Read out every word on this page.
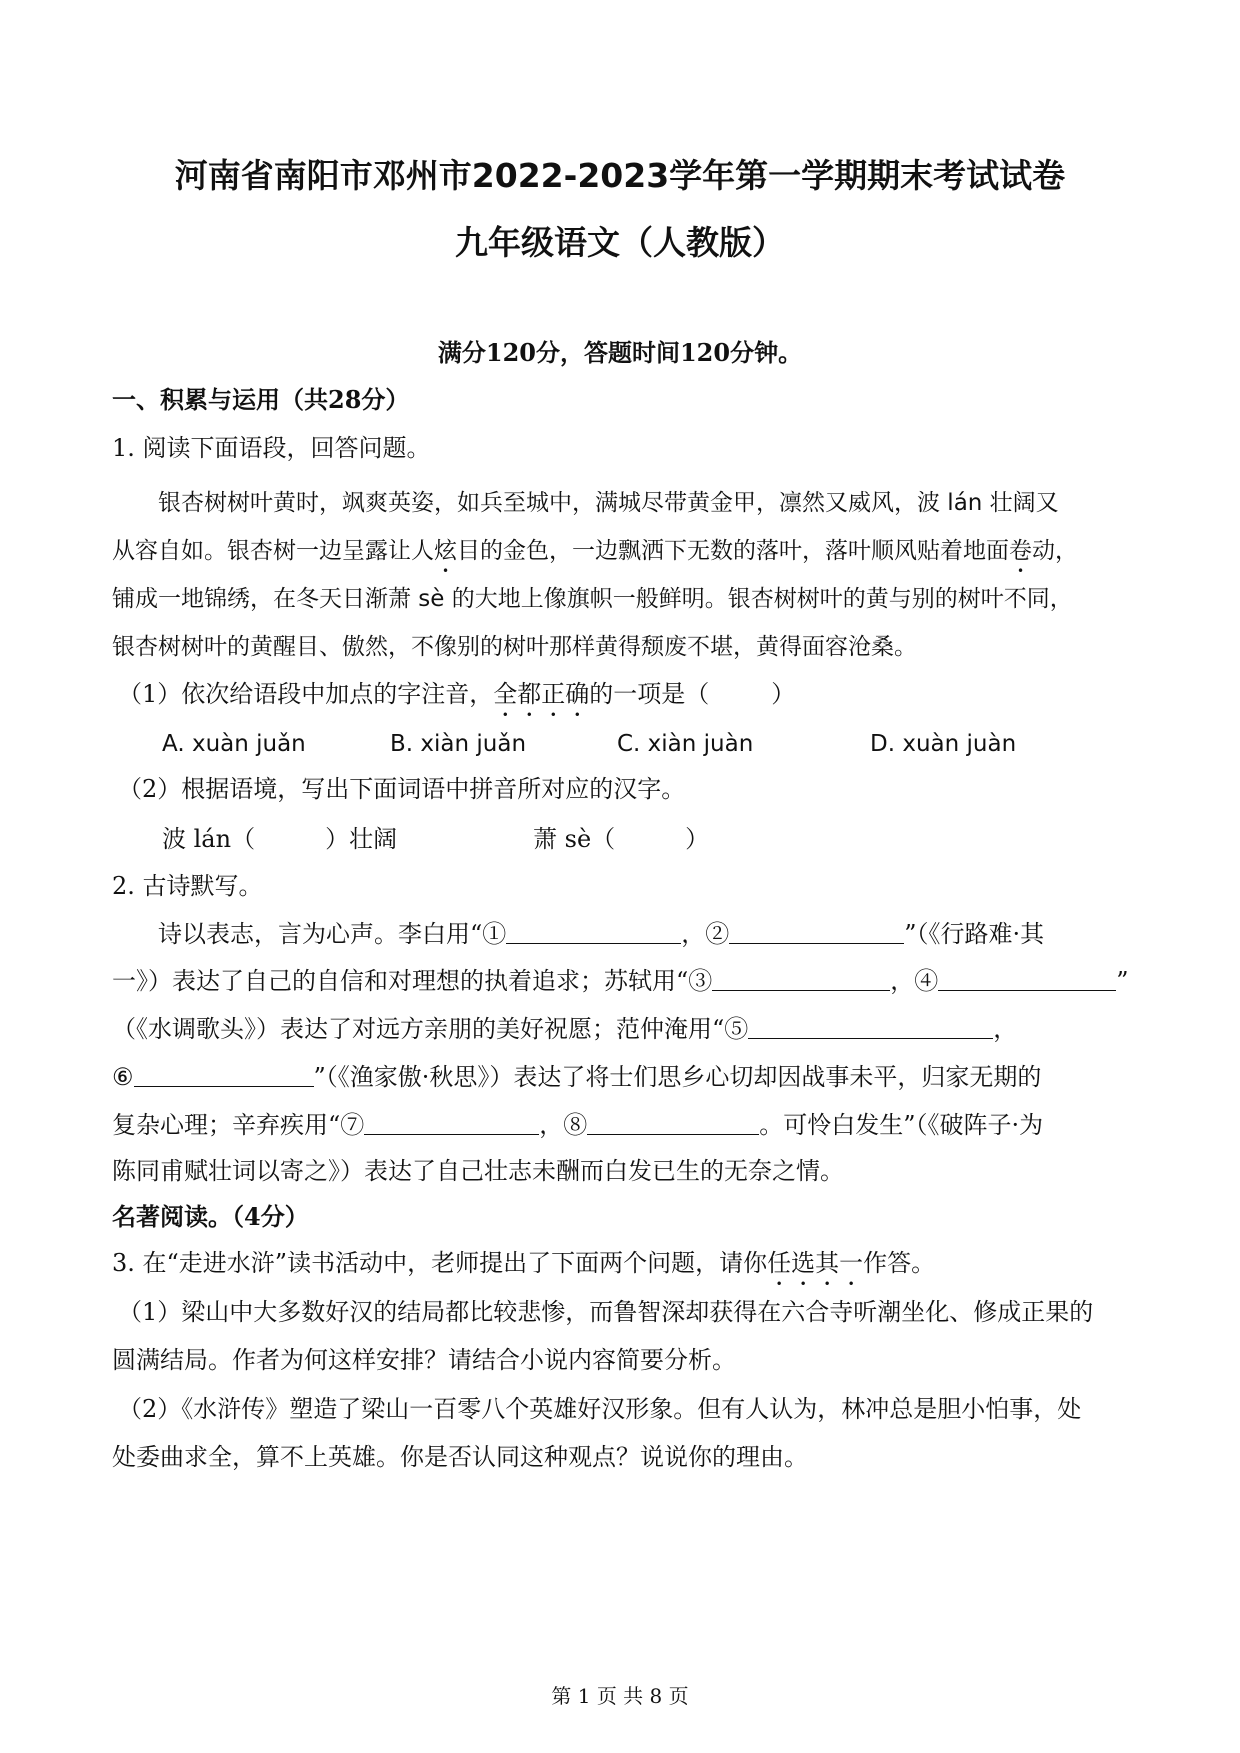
河南省南阳市邓州市2022-2023学年第一学期期末考试试卷
九年级语文（人教版）
满分120分，答题时间120分钟。
一、积累与运用（共28分）
1. 阅读下面语段，回答问题。
银杏树树叶黄时，飒爽英姿，如兵至城中，满城尽带黄金甲，凛然又威风，波 lán 壮阔又
从容自如。银杏树一边呈露让人炫目的金色，一边飘洒下无数的落叶，落叶顺风贴着地面卷动，
铺成一地锦绣，在冬天日渐萧 sè 的大地上像旗帜一般鲜明。银杏树树叶的黄与别的树叶不同，
银杏树树叶的黄醒目、傲然，不像别的树叶那样黄得颓废不堪，黄得面容沧桑。
（1）依次给语段中加点的字注音，全都正确的一项是（	）
A. xuàn juǎn	B. xiàn juǎn	C. xiàn juàn	D. xuàn juàn
（2）根据语境，写出下面词语中拼音所对应的汉字。
波 lán（	）壮阔	萧 sè（	）
2. 古诗默写。
诗以表志，言为心声。李白用“①	，②	”（《行路难·其
一》）表达了自己的自信和对理想的执着追求；苏轼用“③	，④	”
（《水调歌头》）表达了对远方亲朋的美好祝愿；范仲淹用“⑤	，
⑥	”（《渔家傲·秋思》）表达了将士们思乡心切却因战事未平，归家无期的
复杂心理；辛弃疾用“⑦	，⑧	。可怜白发生”（《破阵子·为
陈同甫赋壮词以寄之》）表达了自己壮志未酬而白发已生的无奈之情。
名著阅读。（4分）
3. 在“走进水浒”读书活动中，老师提出了下面两个问题，请你任选其一作答。
（1）梁山中大多数好汉的结局都比较悲惨，而鲁智深却获得在六合寺听潮坐化、修成正果的
圆满结局。作者为何这样安排？请结合小说内容简要分析。
（2）《水浒传》塑造了梁山一百零八个英雄好汉形象。但有人认为，林冲总是胆小怕事，处
处委曲求全，算不上英雄。你是否认同这种观点？说说你的理由。
第 1 页 共 8 页
